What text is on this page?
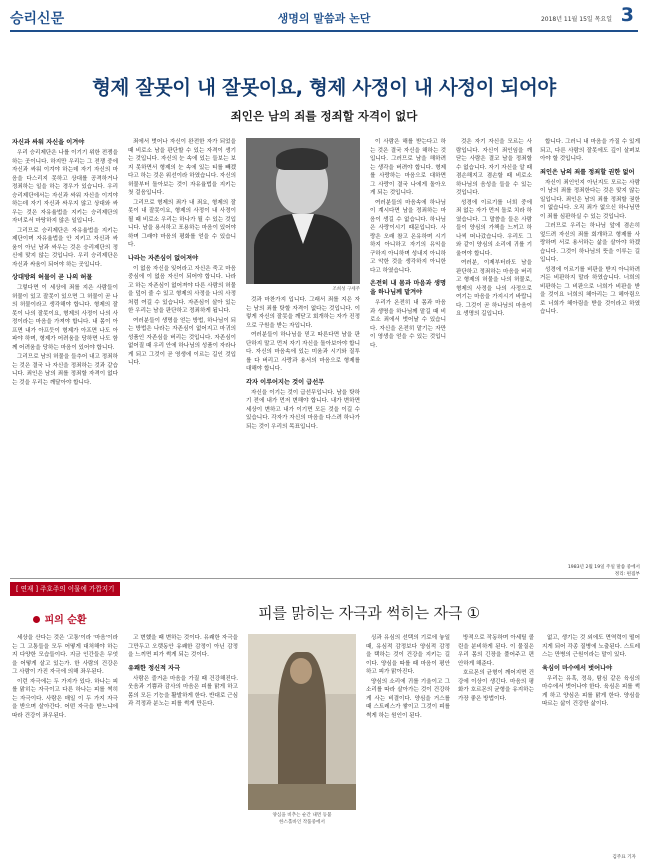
승리신문	생명의 말씀과 논단	2018년 11월 15일 목요일 3
형제 잘못이 내 잘못이요, 형제 사정이 내 사정이 되어야
죄인은 남의 죄를 정죄할 자격이 없다
자신과 싸워 자신을 이겨야

우리 승리제단은 나를 이기기 위한 전쟁을 하는 곳이니다. 하지만 우리는 그 전쟁 중에 자신과 싸워 이겨야 하는데 자기 자신의 마음을 다스리지 못하고 상대를 공격하거나 정죄하는 일을 하는 경우가 있습니다. 우리 승리제단에서는 자신과 싸워 자신을 이겨야 하는데 자기 자신과 싸우지 않고 상대와 싸우는 것은 자유율법을 지키는 승리제단의 자녀로서 마땅하지 않은 일입니다.

그리므로 승리제단은 자유율법을 지키는 제단이며 자유율법을 안 지키고 자신과 싸움이 아닌 남과 싸우는 것은 승리제단의 정신에 맞지 않는 것입니다. 우리 승리제단은 자신과 싸움이 되어야 하는 곳입니다.

상대방의 허물이 곧 나의 허물

그렇다면 이 세상에 죄를 지은 사람들이 허물이 있고 잘못이 있으면 그 허물이 곧 나의 허물이라고 생각해야 합니다. 형제의 잘못이 나의 잘못이요, 형제의 사정이 나의 사정이라는 마음을 가져야 합니다. 내 몸이 아프면 내가 아프듯이 형제가 아프면 나도 아파야 하며, 형제가 어려움을 당하면 나도 함께 어려움을 당하는 마음이 있어야 합니다.

그리므로 남의 허물을 들추어 내고 정죄하는 것은 결국 나 자신을 정죄하는 것과 같습니다. 죄인은 남의 죄를 정죄할 자격이 없다는 것을 우리는 깨달아야 합니다.

죄에서 벗어나 자신이 완전한 자가 되었을 때 비로소 남을 판단할 수 있는 자격이 생기는 것입니다. 자신의 눈 속에 있는 들보는 보지 못하면서 형제의 눈 속에 있는 티를 빼겠다고 하는 것은 위선이라 하였습니다. 자신의 허물부터 돌아보는 것이 자유율법을 지키는 첫 걸음입니다.

그리므로 형제의 죄가 내 죄요, 형제의 잘못이 내 잘못이요, 형제의 사정이 내 사정이 될 때 비로소 우리는 하나가 될 수 있는 것입니다. 남을 용서하고 포용하는 마음이 있어야 하며 그래야 마음의 평화를 얻을 수 있습니다.

나라는 자존심이 없어져야

이 없음 자신을 잊어라고 자신은 죽고 마음 중심에 이 없음 자신이 되어야 합니다. 나라고 하는 자존심이 없어져야 다른 사람의 허물을 덮어 줄 수 있고 형제의 사정을 나의 사정처럼 여길 수 있습니다. 자존심이 살아 있는 한 우리는 남을 판단하고 정죄하게 됩니다.

여러분들이 생명을 얻는 방법, 하나님이 되는 방법은 나라는 자존심이 없어지고 마귀의 성품인 자존심을 버리는 것입니다. 자존심이 없어질 때 우리 안에 하나님의 성품이 자라나게 되고 그것이 곧 영생에 이르는 길인 것입니다.

조희성 구세주

것과 마찬가지 입니다. 그래서 죄를 지은 자는 남의 죄를 탓할 자격이 없다는 것입니다. 이렇게 자신의 잘못을 깨닫고 회개하는 자가 진정으로 구원을 받는 자입니다.

여러분들이 하나님을 믿고 따른다면 남을 판단하지 말고 먼저 자기 자신을 돌아보아야 합니다. 자신의 마음속에 있는 미움과 시기와 질투를 다 버리고 사랑과 용서의 마음으로 형제를 대해야 합니다.

각자 이루어지는 것이 급선무

자신을 이기는 것이 급선무입니다. 남을 탓하기 전에 내가 먼저 변해야 합니다. 내가 변하면 세상이 변하고 내가 이기면 모든 것을 이길 수 있습니다. 각자가 자신의 마음을 다스려 하나가 되는 것이 우리의 목표입니다.

이 사람은 해를 받는다고 하는 것은 결국 자신을 해하는 것입니다. 그러므로 남을 해하려는 생각을 버려야 합니다. 형제를 사랑하는 마음으로 대하면 그 사랑이 결국 나에게 돌아오게 되는 것입니다.

여러분들의 마음속에 하나님이 계시다면 남을 정죄하는 마음이 생길 수 없습니다. 하나님은 사랑이시기 때문입니다. 사랑은 오래 참고 온유하며 시기하지 아니하고 자기의 유익을 구하지 아니하며 성내지 아니하고 악한 것을 생각하지 아니한다고 하였습니다.

온전히 내 몸과 마음과 생명을 하나님께 맡겨야

우리가 온전히 내 몸과 마음과 생명을 하나님께 맡길 때 비로소 죄에서 벗어날 수 있습니다. 자신을 온전히 맡기는 자만이 영생을 얻을 수 있는 것입니다.

것은 자기 자신을 모르는 사람입니다. 자신이 죄인임을 깨닫는 사람은 결코 남을 정죄할 수 없습니다. 자기 자신을 알 때 겸손해지고 겸손할 때 비로소 하나님의 음성을 들을 수 있는 것입니다.

성경에 이르기를 너희 중에 죄 없는 자가 먼저 돌로 치라 하였습니다. 그 말씀을 들은 사람들이 양심의 가책을 느끼고 하나씩 떠나갔습니다. 우리도 그와 같이 양심의 소리에 귀를 기울여야 합니다.

여러분, 이제부터라도 남을 판단하고 정죄하는 마음을 버리고 형제의 허물을 나의 허물로, 형제의 사정을 나의 사정으로 여기는 마음을 가지시기 바랍니다. 그것이 곧 하나님의 마음이요 생명의 길입니다.

합니다. 그러니 내 마음을 가질 수 있게 되고, 다른 사람의 잘못에도 깊이 살펴보아야 할 것입니다.

죄인은 남의 죄를 정죄할 권한 없어

자신이 죄인인지 아닌지도 모르는 사람이 남의 죄를 정죄한다는 것은 맞지 않는 일입니다. 죄인은 남의 죄를 정죄할 권한이 없습니다. 오직 죄가 없으신 하나님만이 죄를 심판하실 수 있는 것입니다.

그러므로 우리는 하나님 앞에 겸손히 엎드려 자신의 죄를 회개하고 형제를 사랑하며 서로 용서하는 삶을 살아야 하겠습니다. 그것이 하나님의 뜻을 이루는 길입니다.

성경에 이르기를 비판을 받지 아니하려거든 비판하지 말라 하였습니다. 너희의 비판하는 그 비판으로 너희가 비판을 받을 것이요 너희의 헤아리는 그 헤아림으로 너희가 헤아림을 받을 것이라고 하였습니다.

1983년 2월 19일 주일 말씀 중에서
정리: 편집부
[ 연재 ] 주호주의 이물에 가깝지기
피의 순환	피를 맑히는 자극과 썩히는 자극 ①

세상을 산다는 것은 '고통'이라 '마음'이라는 그 고통들을 모두 어떻게 대처해야 하는지 다양한 모습들이다. 지금 인간들은 무엇을 어떻게 살고 있는가. 한 사람의 건강은 그 사람이 가진 자극에 의해 좌우된다.

이런 자극에는 두 가지가 있다. 하나는 피를 맑히는 자극이고 다른 하나는 피를 썩히는 자극이다. 사람은 매일 이 두 가지 자극을 받으며 살아간다. 어떤 자극을 받느냐에 따라 건강이 좌우된다.

고 변했을 때 변하는 것이다. 유쾌한 자극을 그만두고 오랫동안 유쾌한 감정이 아닌 감정을 느끼면 피가 썩게 되는 것이다.

유쾌한 정신적 자극

사람은 즐거운 마음을 가질 때 건강해진다. 웃음과 기쁨과 감사의 마음은 피를 맑게 하고 몸의 모든 기능을 활발하게 한다. 반대로 근심과 걱정과 분노는 피를 썩게 만든다.

양심을 비추는 순간 내면 등불
한스홀바인 작품중에서

싱과 유심의 선택의 기로에 놓일 때, 유심적 감정보다 양심적 감정을 택하는 것이 건강을 지키는 길이다. 양심을 따를 때 마음이 평안하고 피가 맑아진다.

양심의 소리에 귀를 기울이고 그 소리를 따라 살아가는 것이 건강하게 사는 비결이다. 양심을 거스를 때 스트레스가 쌓이고 그것이 피를 썩게 하는 원인이 된다.

방적으로 작동하며 아세틸 콜린을 분비하게 된다. 이 물질은 우리 몸의 긴장을 풀어주고 편안하게 해준다.

호르몬의 균형이 깨어지면 건강에 이상이 생긴다. 마음의 평화가 호르몬의 균형을 유지하는 가장 좋은 방법이다.

없고, 생기는 것 외에도 면역력이 떨어지게 되어 각종 질병에 노출된다. 스트레스는 만병의 근원이라는 말이 있다.

육심이 마수에서 벗어나야

우리는 유혹, 정욕, 탐심 같은 육심의 마수에서 벗어나야 한다. 육심은 피를 썩게 하고 양심은 피를 맑게 한다. 양심을 따르는 삶이 건강한 삶이다.

김주표 기자
